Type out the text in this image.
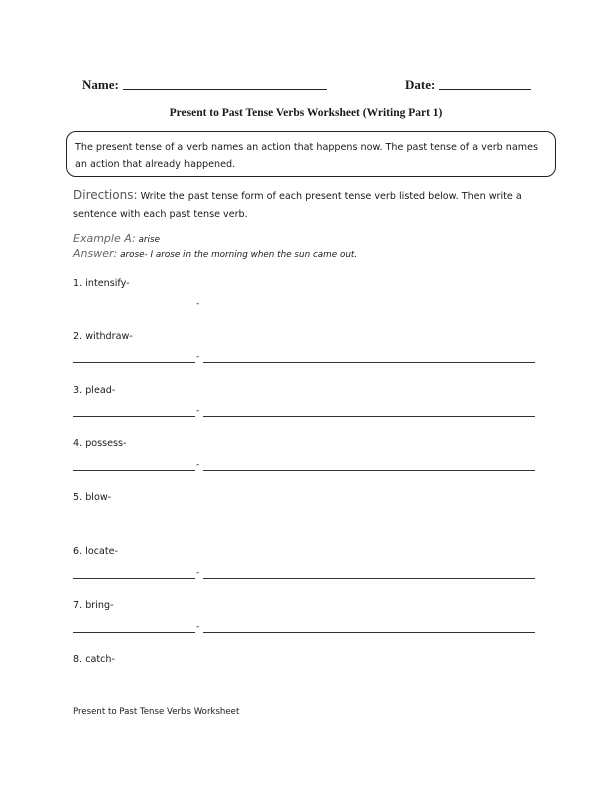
Name:	Date:
Present to Past Tense Verbs Worksheet (Writing Part 1)
The present tense of a verb names an action that happens now. The past tense of a verb names an action that already happened.
Directions: Write the past tense form of each present tense verb listed below. Then write a sentence with each past tense verb.
Example A: arise
Answer: arose- I arose in the morning when the sun came out.
1. intensify-
-
2. withdraw-
-
3. plead-
-
4. possess-
-
5. blow-
6. locate-
-
7. bring-
-
8. catch-
Present to Past Tense Verbs Worksheet
